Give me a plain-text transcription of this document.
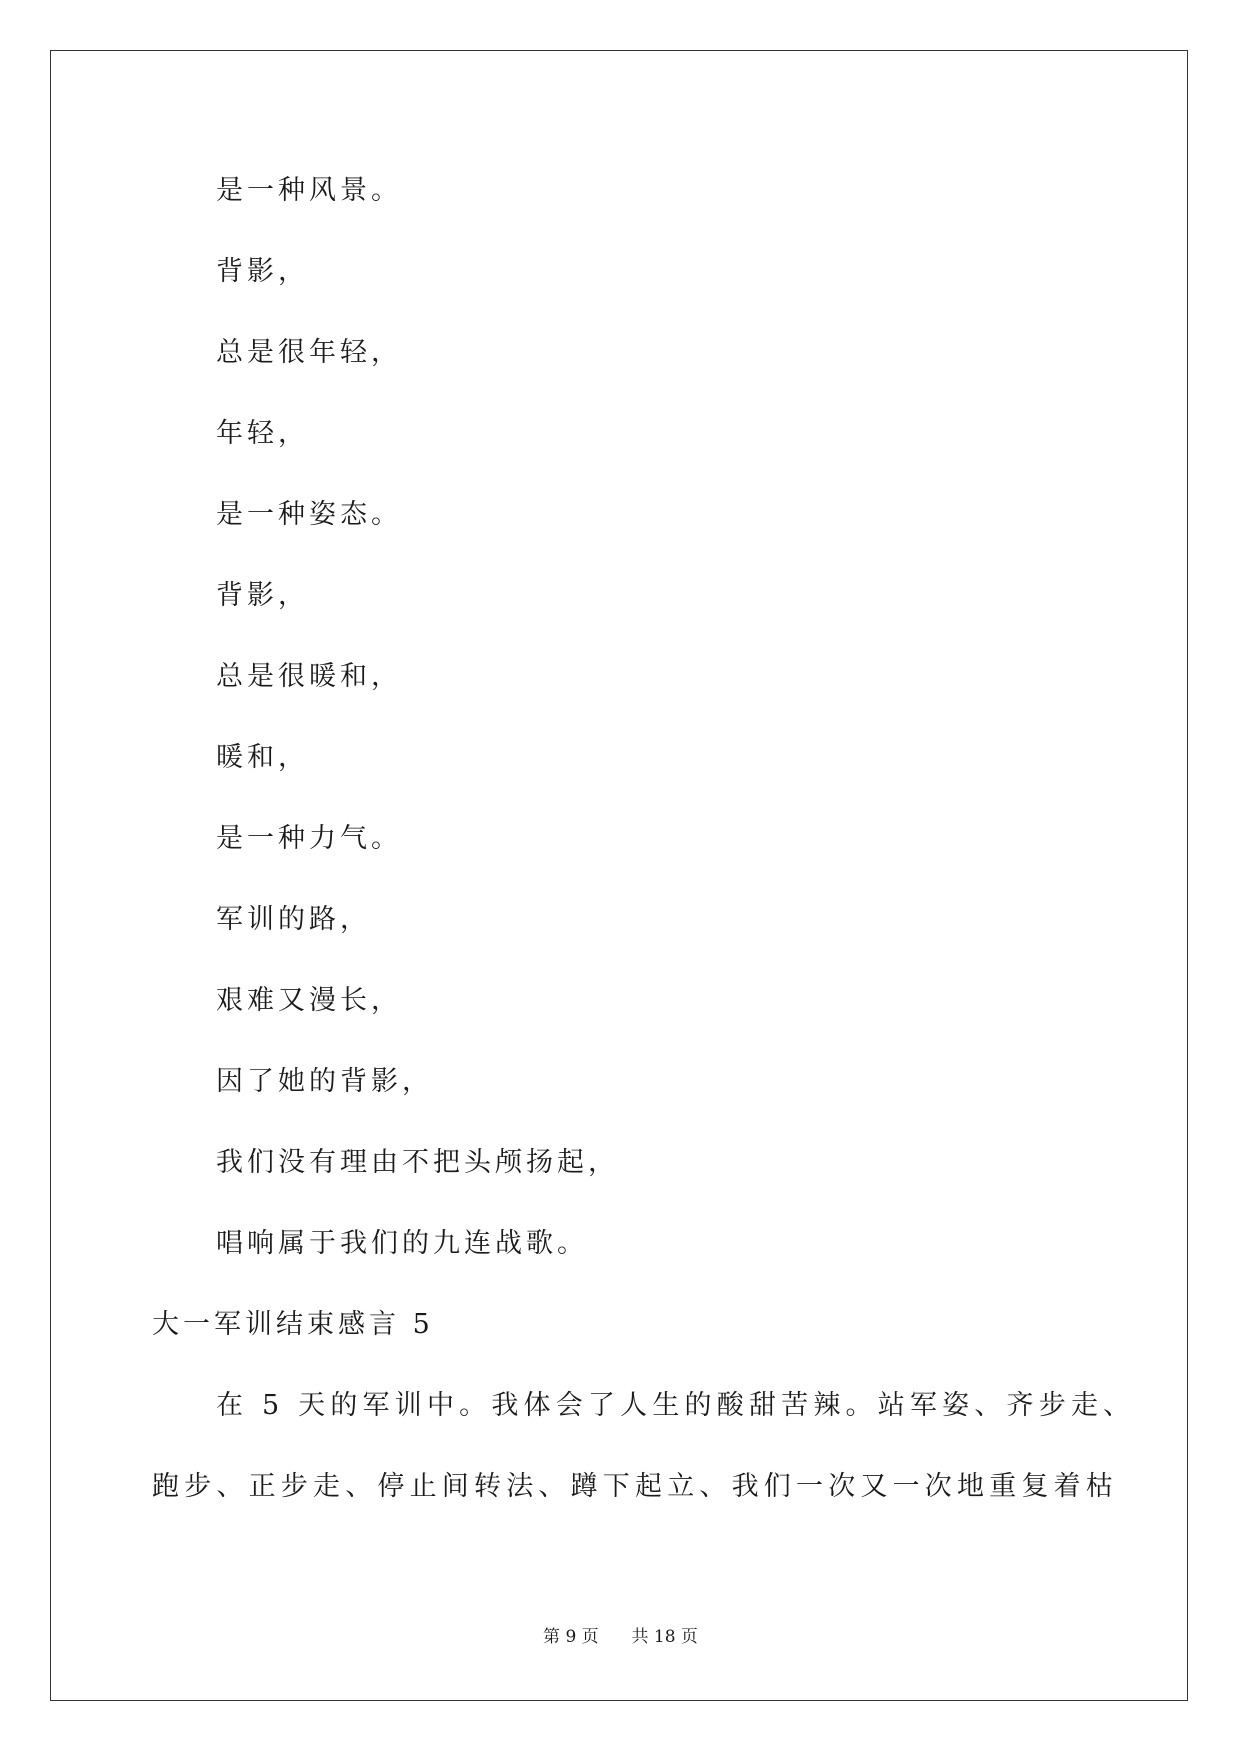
是一种风景。
背影，
总是很年轻，
年轻，
是一种姿态。
背影，
总是很暖和，
暖和，
是一种力气。
军训的路，
艰难又漫长，
因了她的背影，
我们没有理由不把头颅扬起，
唱响属于我们的九连战歌。
大一军训结束感言 5
在 5 天的军训中。我体会了人生的酸甜苦辣。站军姿、齐步走、
跑步、正步走、停止间转法、蹲下起立、我们一次又一次地重复着枯
第 9 页 共 18 页
